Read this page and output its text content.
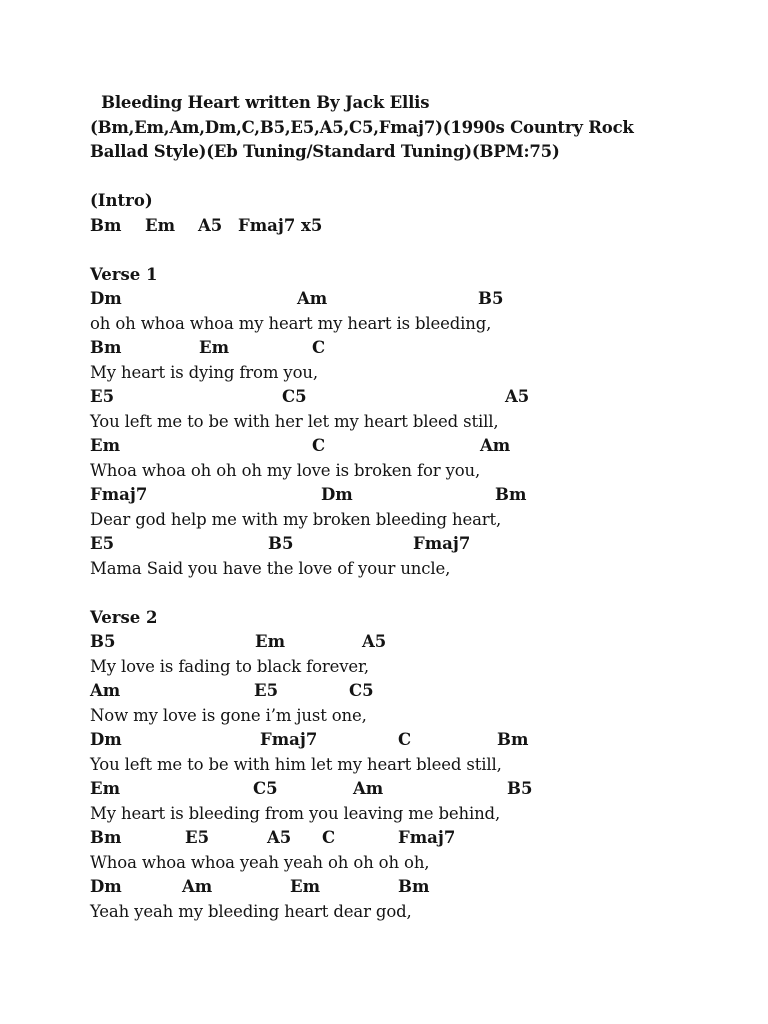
Bleeding Heart written By Jack Ellis
(Bm,Em,Am,Dm,C,B5,E5,A5,C5,Fmaj7)(1990s Country Rock
Ballad Style)(Eb Tuning/Standard Tuning)(BPM:75)
(Intro)

Bm

Em

A5

Fmaj7 x5

Verse 1

Dm

	Am

	B5

oh oh whoa whoa my heart my heart is bleeding,

Bm

	Em

	C

My heart is dying from you,

E5

	C5

	A5

You left me to be with her let my heart bleed still,

Em

	C

	Am

Whoa whoa oh oh oh my love is broken for you,

Fmaj7

	Dm

	Bm

Dear god help me with my broken bleeding heart,

E5

	B5

	Fmaj7

Mama Said you have the love of your uncle,
Verse 2

B5

	Em

	A5

My love is fading to black forever,

Am

	E5

	C5

Now my love is gone i’m just one,

Dm

	Fmaj7

	C

	Bm

You left me to be with him let my heart bleed still,

Em

	C5

	Am

	B5

My heart is bleeding from you leaving me behind,

Bm

	E5

	A5

C

	Fmaj7

Whoa whoa whoa yeah yeah oh oh oh oh,

Dm

	Am

	Em

	Bm

Yeah yeah my bleeding heart dear god,
